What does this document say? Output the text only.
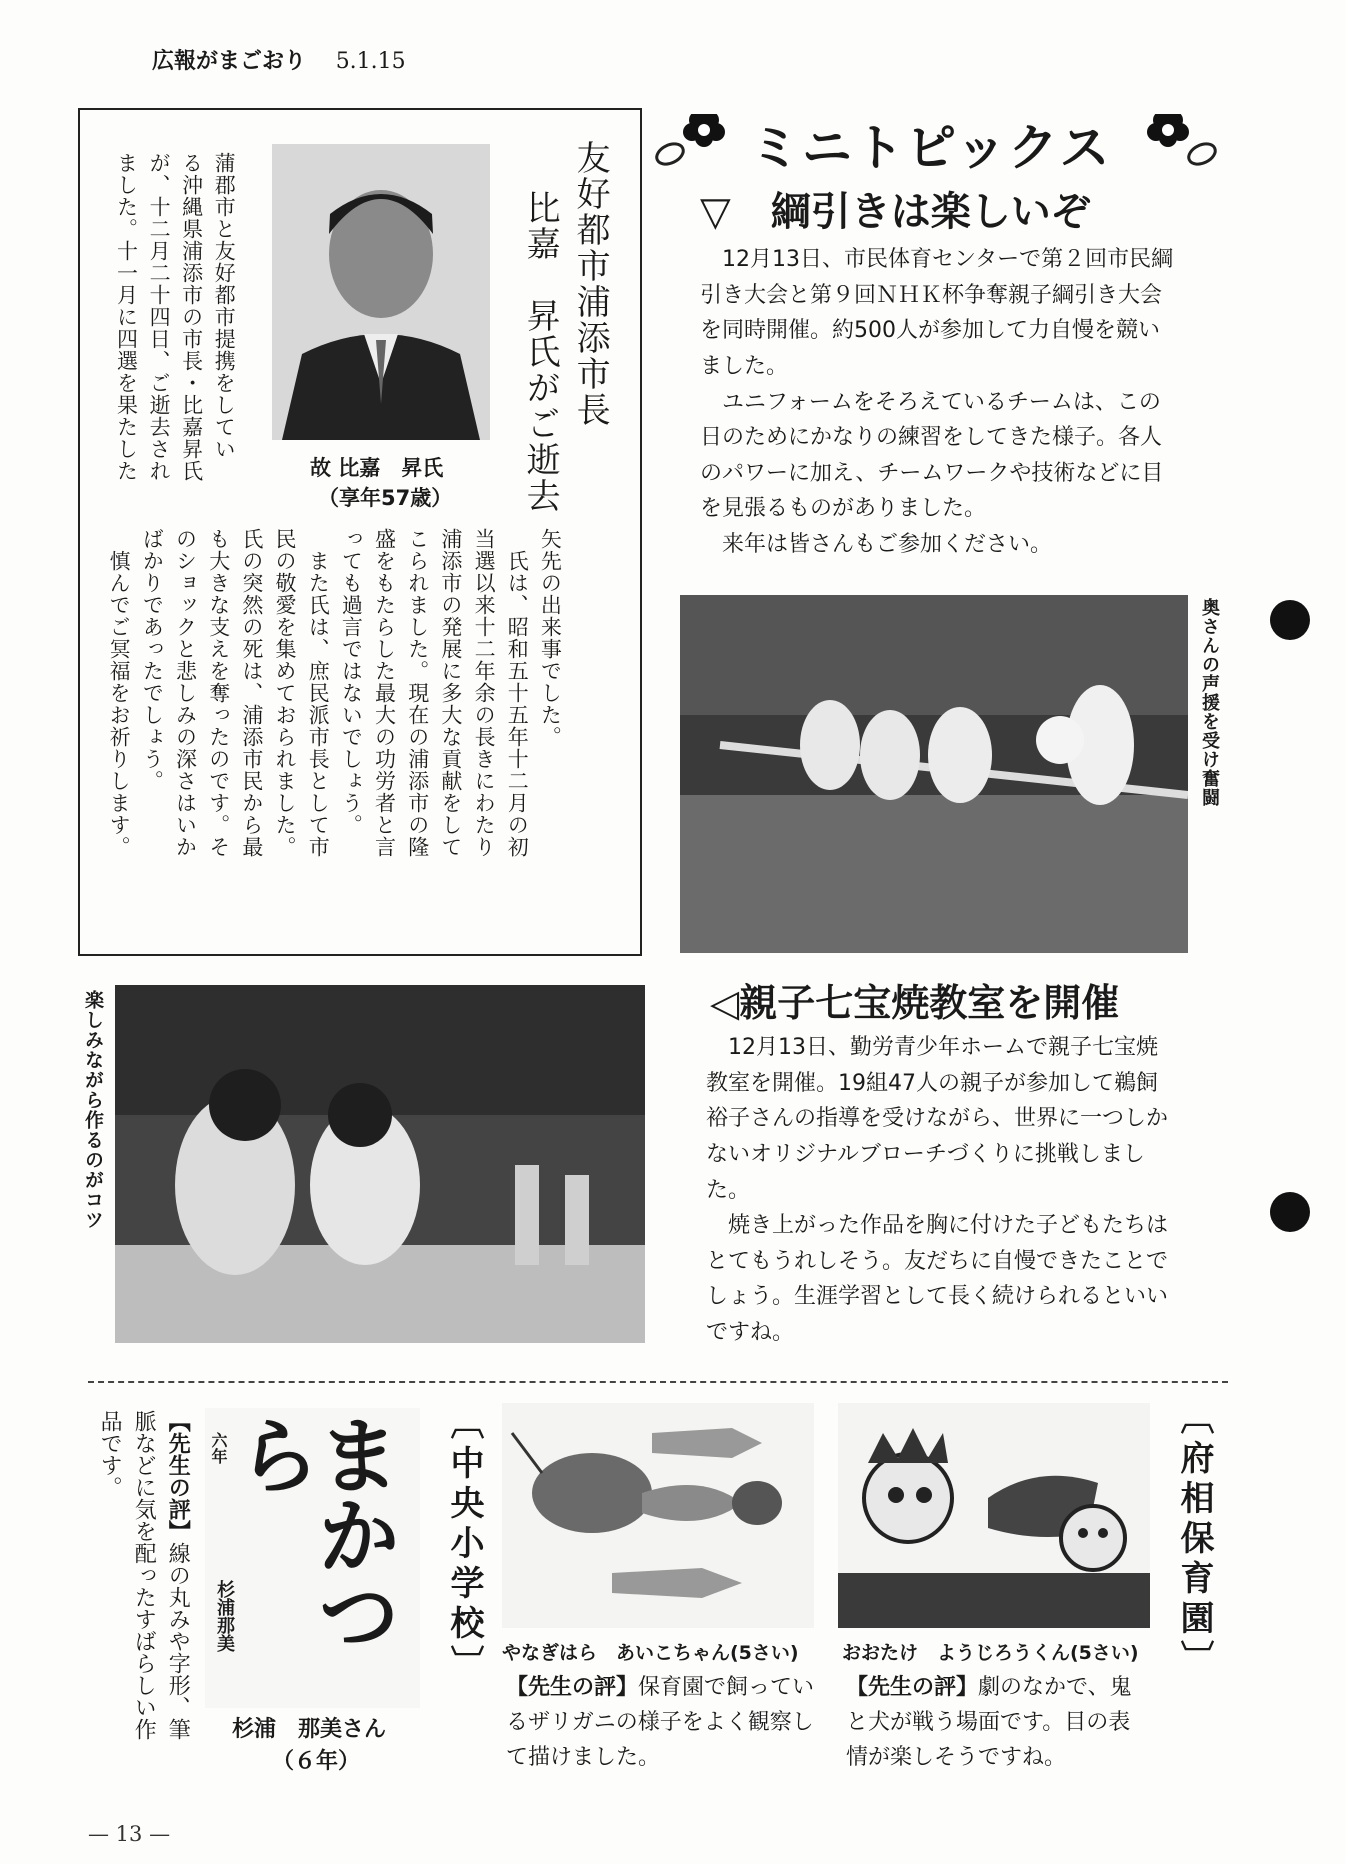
広報がまごおり 5.1.15
友好都市浦添市長
比嘉　昇氏がご逝去
故 比嘉　昇氏
（享年57歳）
蒲郡市と友好都市提携をしてい
る沖縄県浦添市の市長・比嘉昇氏
が、十二月二十四日、ご逝去され
ました。十一月に四選を果たした
矢先の出来事でした。
　氏は、昭和五十五年十二月の初
当選以来十二年余の長きにわたり
浦添市の発展に多大な貢献をして
こられました。現在の浦添市の隆
盛をもたらした最大の功労者と言
っても過言ではないでしょう。
　また氏は、庶民派市長として市
民の敬愛を集めておられました。
氏の突然の死は、浦添市民から最
も大きな支えを奪ったのです。そ
のショックと悲しみの深さはいか
ばかりであったでしょう。
　慎んでご冥福をお祈りします。
ミニトピックス
▽　綱引きは楽しいぞ
　12月13日、市民体育センターで第２回市民綱引き大会と第９回ＮＨＫ杯争奪親子綱引き大会を同時開催。約500人が参加して力自慢を競いました。
　ユニフォームをそろえているチームは、この日のためにかなりの練習をしてきた様子。各人のパワーに加え、チームワークや技術などに目を見張るものがありました。
　来年は皆さんもご参加ください。
奥さんの声援を受け奮闘
◁親子七宝焼教室を開催
　12月13日、勤労青少年ホームで親子七宝焼教室を開催。19組47人の親子が参加して鵜飼裕子さんの指導を受けながら、世界に一つしかないオリジナルブローチづくりに挑戦しました。
　焼き上がった作品を胸に付けた子どもたちはとてもうれしそう。友だちに自慢できたことでしょう。生涯学習として長く続けられるといいですね。
楽しみながら作るのがコツ
【先生の評】線の丸みや字形、筆脈などに気を配ったすばらしい作品です。	まかつら
六年
杉浦那美
杉浦　那美さん
（６年）
〔中央小学校〕 やなぎはら　あいこちゃん(5さい)
【先生の評】保育園で飼っているザリガニの様子をよく観察して描けました。
おおたけ　ようじろうくん(5さい)
【先生の評】劇のなかで、鬼と犬が戦う場面です。目の表情が楽しそうですね。
〔府相保育園〕
— 13 —
